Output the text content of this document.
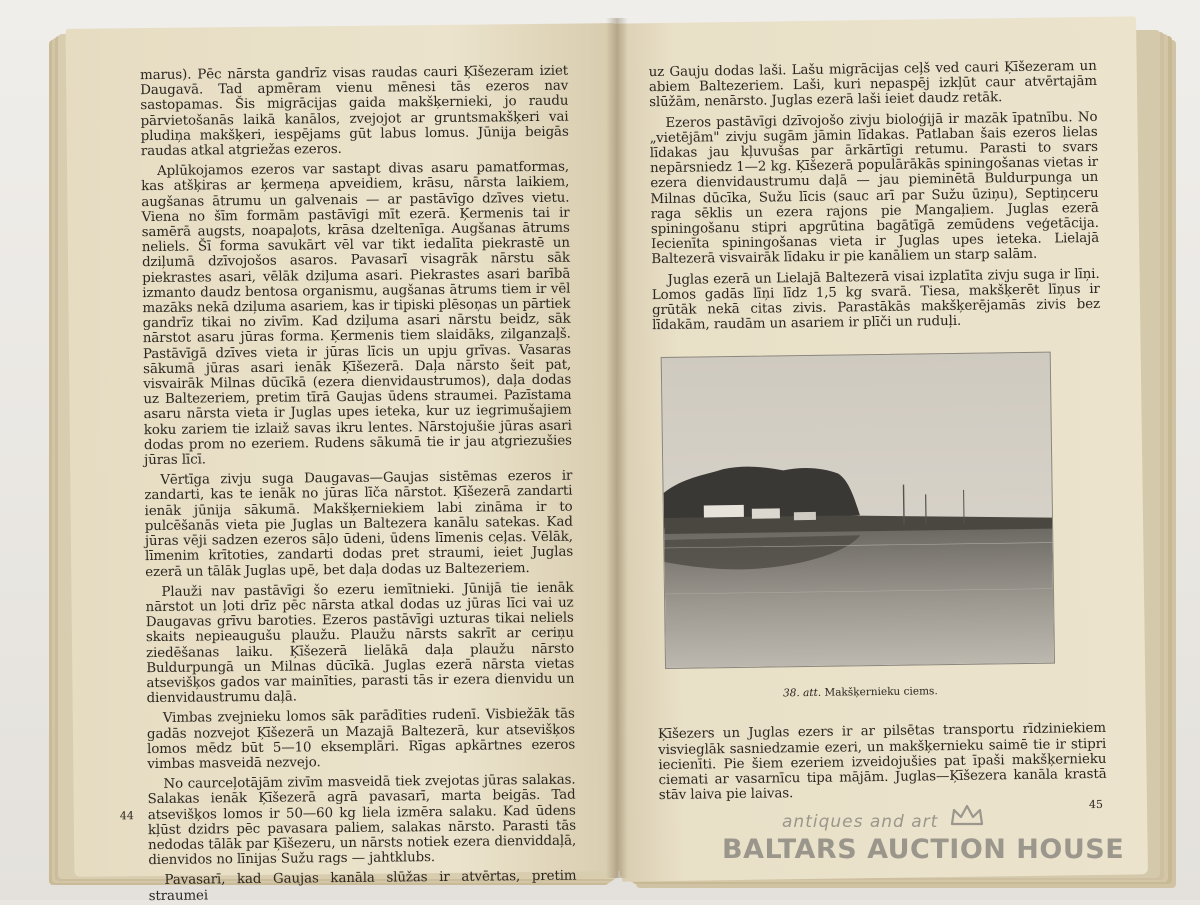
marus). Pēc nārsta gandrīz visas raudas cauri Ķīšezeram iziet Daugavā. Tad apmēram vienu mēnesi tās ezeros nav sastopamas. Šis migrācijas gaida makšķernieki, jo raudu pārvietošanās laikā kanālos, zvejojot ar gruntsmakšķeri vai pludiņa makšķeri, iespējams gūt labus lomus. Jūnija beigās raudas atkal atgriežas ezeros.

Aplūkojamos ezeros var sastapt divas asaru pamatformas, kas atšķiras ar ķermeņa apveidiem, krāsu, nārsta laikiem, augšanas ātrumu un galvenais — ar pastāvīgo dzīves vietu. Viena no šīm formām pastāvīgi mīt ezerā. Ķermenis tai ir samērā augsts, noapaļots, krāsa dzeltenīga. Augšanas ātrums neliels. Šī forma savukārt vēl var tikt iedalīta piekrastē un dziļumā dzīvojošos asaros. Pavasarī visagrāk nārstu sāk piekrastes asari, vēlāk dziļuma asari. Piekrastes asari barībā izmanto daudz bentosa organismu, augšanas ātrums tiem ir vēl mazāks nekā dziļuma asariem, kas ir tipiski plēsoņas un pārtiek gandrīz tikai no zivīm. Kad dziļuma asari nārstu beidz, sāk nārstot asaru jūras forma. Ķermenis tiem slaidāks, zilganzaļš. Pastāvīgā dzīves vieta ir jūras līcis un upju grīvas. Vasaras sākumā jūras asari ienāk Ķīšezerā. Daļa nārsto šeit pat, visvairāk Milnas dūcīkā (ezera dienvidaustrumos), daļa dodas uz Baltezeriem, pretim tīrā Gaujas ūdens straumei. Pazīstama asaru nārsta vieta ir Juglas upes ieteka, kur uz iegrimušajiem koku zariem tie izlaiž savas ikru lentes. Nārstojušie jūras asari dodas prom no ezeriem. Rudens sākumā tie ir jau atgriezušies jūras līcī.

Vērtīga zivju suga Daugavas—Gaujas sistēmas ezeros ir zandarti, kas te ienāk no jūras līča nārstot. Ķīšezerā zandarti ienāk jūnija sākumā. Makšķerniekiem labi zināma ir to pulcēšanās vieta pie Juglas un Baltezera kanālu satekas. Kad jūras vēji sadzen ezeros sāļo ūdeni, ūdens līmenis ceļas. Vēlāk, līmenim krītoties, zandarti dodas pret straumi, ieiet Juglas ezerā un tālāk Juglas upē, bet daļa dodas uz Baltezeriem.

Plauži nav pastāvīgi šo ezeru iemītnieki. Jūnijā tie ienāk nārstot un ļoti drīz pēc nārsta atkal dodas uz jūras līci vai uz Daugavas grīvu baroties. Ezeros pastāvīgi uzturas tikai neliels skaits nepieaugušu plaužu. Plaužu nārsts sakrīt ar ceriņu ziedēšanas laiku. Ķīšezerā lielākā daļa plaužu nārsto Buldurpungā un Milnas dūcīkā. Juglas ezerā nārsta vietas atsevišķos gados var mainīties, parasti tās ir ezera dienvidu un dienvidaustrumu daļā.

Vimbas zvejnieku lomos sāk parādīties rudenī. Visbiežāk tās gadās nozvejot Ķīšezerā un Mazajā Baltezerā, kur atsevišķos lomos mēdz būt 5—10 eksemplāri. Rīgas apkārtnes ezeros vimbas masveidā nezvejo.

No caurceļotājām zivīm masveidā tiek zvejotas jūras salakas. Salakas ienāk Ķīšezerā agrā pavasarī, marta beigās. Tad atsevišķos lomos ir 50—60 kg liela izmēra salaku. Kad ūdens kļūst dzidrs pēc pavasara paliem, salakas nārsto. Parasti tās nedodas tālāk par Ķīšezeru, un nārsts notiek ezera dienviddaļā, dienvidos no līnijas Sužu rags — jahtklubs.

Pavasarī, kad Gaujas kanāla slūžas ir atvērtas, pretim straumei

44

uz Gauju dodas laši. Lašu migrācijas ceļš ved cauri Ķīšezeram un abiem Baltezeriem. Laši, kuri nepaspēj izkļūt caur atvērtajām slūžām, nenārsto. Juglas ezerā laši ieiet daudz retāk.

Ezeros pastāvīgi dzīvojošo zivju bioloģijā ir mazāk īpatnību. No „vietējām" zivju sugām jāmin līdakas. Patlaban šais ezeros lielas līdakas jau kļuvušas par ārkārtīgi retumu. Parasti to svars nepārsniedz 1—2 kg. Ķīšezerā populārākās spiningošanas vietas ir ezera dienvidaustrumu daļā — jau pieminētā Buldurpunga un Milnas dūcīka, Sužu līcis (sauc arī par Sužu ūziņu), Septiņceru raga sēklis un ezera rajons pie Mangaļiem. Juglas ezerā spiningošanu stipri apgrūtina bagātīgā zemūdens veģetācija. Iecienīta spiningošanas vieta ir Juglas upes ieteka. Lielajā Baltezerā visvairāk līdaku ir pie kanāliem un starp salām.

Juglas ezerā un Lielajā Baltezerā visai izplatīta zivju suga ir līņi. Lomos gadās līņi līdz 1,5 kg svarā. Tiesa, makšķerēt līņus ir grūtāk nekā citas zivis. Parastākās makšķerējamās zivis bez līdakām, raudām un asariem ir plīči un ruduļi.

38. att. Makšķernieku ciems.

Ķīšezers un Juglas ezers ir ar pilsētas transportu rīdziniekiem visvieglāk sasniedzamie ezeri, un makšķernieku saimē tie ir stipri iecienīti. Pie šiem ezeriem izveidojušies pat īpaši makšķernieku ciemati ar vasarnīcu tipa mājām. Juglas—Ķīšezera kanāla krastā stāv laiva pie laivas.

45
antiques and art
BALTARS AUCTION HOUSE
